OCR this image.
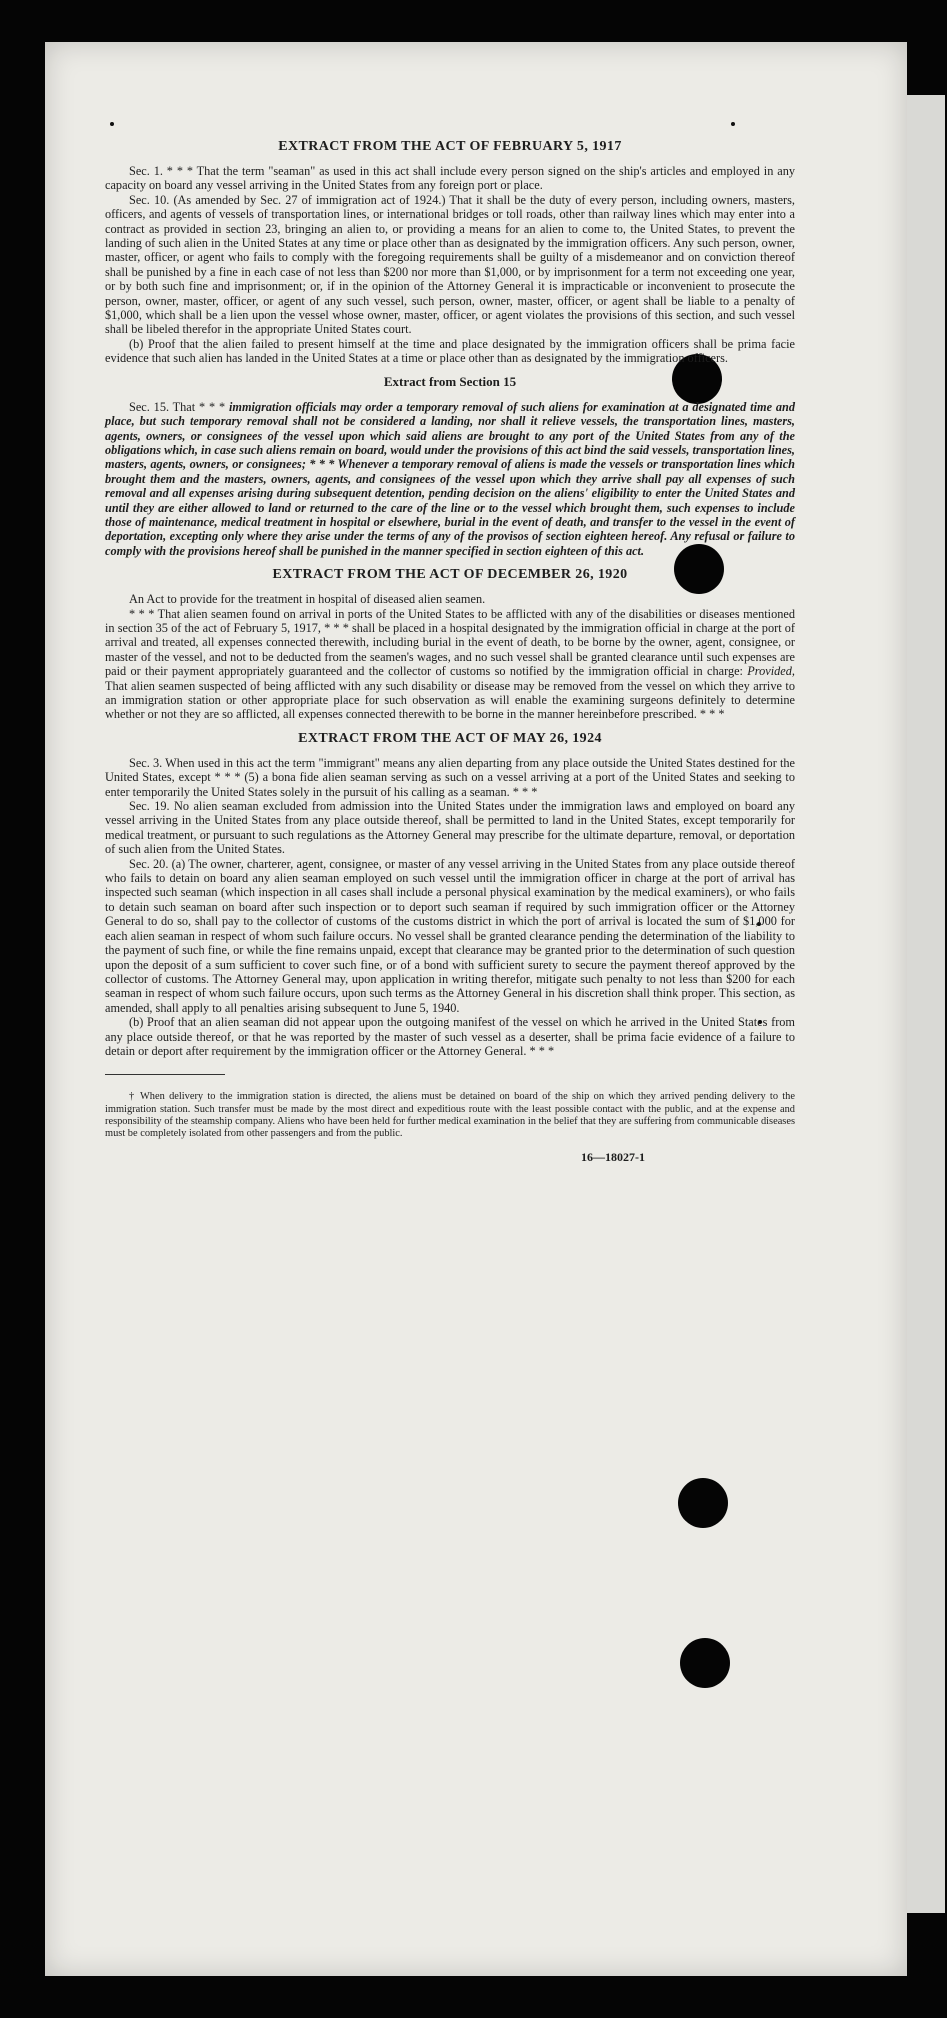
EXTRACT FROM THE ACT OF FEBRUARY 5, 1917

Sec. 1. * * * That the term "seaman" as used in this act shall include every person signed on the ship's articles and employed in any capacity on board any vessel arriving in the United States from any foreign port or place.

Sec. 10. (As amended by Sec. 27 of immigration act of 1924.) That it shall be the duty of every person, including owners, masters, officers, and agents of vessels of transportation lines, or international bridges or toll roads, other than railway lines which may enter into a contract as provided in section 23, bringing an alien to, or providing a means for an alien to come to, the United States, to prevent the landing of such alien in the United States at any time or place other than as designated by the immigration officers. Any such person, owner, master, officer, or agent who fails to comply with the foregoing requirements shall be guilty of a misdemeanor and on conviction thereof shall be punished by a fine in each case of not less than $200 nor more than $1,000, or by imprisonment for a term not exceeding one year, or by both such fine and imprisonment; or, if in the opinion of the Attorney General it is impracticable or inconvenient to prosecute the person, owner, master, officer, or agent of any such vessel, such person, owner, master, officer, or agent shall be liable to a penalty of $1,000, which shall be a lien upon the vessel whose owner, master, officer, or agent violates the provisions of this section, and such vessel shall be libeled therefor in the appropriate United States court.

(b) Proof that the alien failed to present himself at the time and place designated by the immigration officers shall be prima facie evidence that such alien has landed in the United States at a time or place other than as designated by the immigration officers.

Extract from Section 15

Sec. 15. That * * * immigration officials may order a temporary removal of such aliens for examination at a designated time and place, but such temporary removal shall not be considered a landing, nor shall it relieve vessels, the transportation lines, masters, agents, owners, or consignees of the vessel upon which said aliens are brought to any port of the United States from any of the obligations which, in case such aliens remain on board, would under the provisions of this act bind the said vessels, transportation lines, masters, agents, owners, or consignees; * * * Whenever a temporary removal of aliens is made the vessels or transportation lines which brought them and the masters, owners, agents, and consignees of the vessel upon which they arrive shall pay all expenses of such removal and all expenses arising during subsequent detention, pending decision on the aliens' eligibility to enter the United States and until they are either allowed to land or returned to the care of the line or to the vessel which brought them, such expenses to include those of maintenance, medical treatment in hospital or elsewhere, burial in the event of death, and transfer to the vessel in the event of deportation, excepting only where they arise under the terms of any of the provisos of section eighteen hereof. Any refusal or failure to comply with the provisions hereof shall be punished in the manner specified in section eighteen of this act.

EXTRACT FROM THE ACT OF DECEMBER 26, 1920

An Act to provide for the treatment in hospital of diseased alien seamen.

* * * That alien seamen found on arrival in ports of the United States to be afflicted with any of the disabilities or diseases mentioned in section 35 of the act of February 5, 1917, * * * shall be placed in a hospital designated by the immigration official in charge at the port of arrival and treated, all expenses connected therewith, including burial in the event of death, to be borne by the owner, agent, consignee, or master of the vessel, and not to be deducted from the seamen's wages, and no such vessel shall be granted clearance until such expenses are paid or their payment appropriately guaranteed and the collector of customs so notified by the immigration official in charge: Provided, That alien seamen suspected of being afflicted with any such disability or disease may be removed from the vessel on which they arrive to an immigration station or other appropriate place for such observation as will enable the examining surgeons definitely to determine whether or not they are so afflicted, all expenses connected therewith to be borne in the manner hereinbefore prescribed. * * *

EXTRACT FROM THE ACT OF MAY 26, 1924

Sec. 3. When used in this act the term "immigrant" means any alien departing from any place outside the United States destined for the United States, except * * * (5) a bona fide alien seaman serving as such on a vessel arriving at a port of the United States and seeking to enter temporarily the United States solely in the pursuit of his calling as a seaman. * * *

Sec. 19. No alien seaman excluded from admission into the United States under the immigration laws and employed on board any vessel arriving in the United States from any place outside thereof, shall be permitted to land in the United States, except temporarily for medical treatment, or pursuant to such regulations as the Attorney General may prescribe for the ultimate departure, removal, or deportation of such alien from the United States.

Sec. 20. (a) The owner, charterer, agent, consignee, or master of any vessel arriving in the United States from any place outside thereof who fails to detain on board any alien seaman employed on such vessel until the immigration officer in charge at the port of arrival has inspected such seaman (which inspection in all cases shall include a personal physical examination by the medical examiners), or who fails to detain such seaman on board after such inspection or to deport such seaman if required by such immigration officer or the Attorney General to do so, shall pay to the collector of customs of the customs district in which the port of arrival is located the sum of $1,000 for each alien seaman in respect of whom such failure occurs. No vessel shall be granted clearance pending the determination of the liability to the payment of such fine, or while the fine remains unpaid, except that clearance may be granted prior to the determination of such question upon the deposit of a sum sufficient to cover such fine, or of a bond with sufficient surety to secure the payment thereof approved by the collector of customs. The Attorney General may, upon application in writing therefor, mitigate such penalty to not less than $200 for each seaman in respect of whom such failure occurs, upon such terms as the Attorney General in his discretion shall think proper. This section, as amended, shall apply to all penalties arising subsequent to June 5, 1940.

(b) Proof that an alien seaman did not appear upon the outgoing manifest of the vessel on which he arrived in the United States from any place outside thereof, or that he was reported by the master of such vessel as a deserter, shall be prima facie evidence of a failure to detain or deport after requirement by the immigration officer or the Attorney General. * * *

† When delivery to the immigration station is directed, the aliens must be detained on board of the ship on which they arrived pending delivery to the immigration station. Such transfer must be made by the most direct and expeditious route with the least possible contact with the public, and at the expense and responsibility of the steamship company. Aliens who have been held for further medical examination in the belief that they are suffering from communicable diseases must be completely isolated from other passengers and from the public.

16—18027-1
